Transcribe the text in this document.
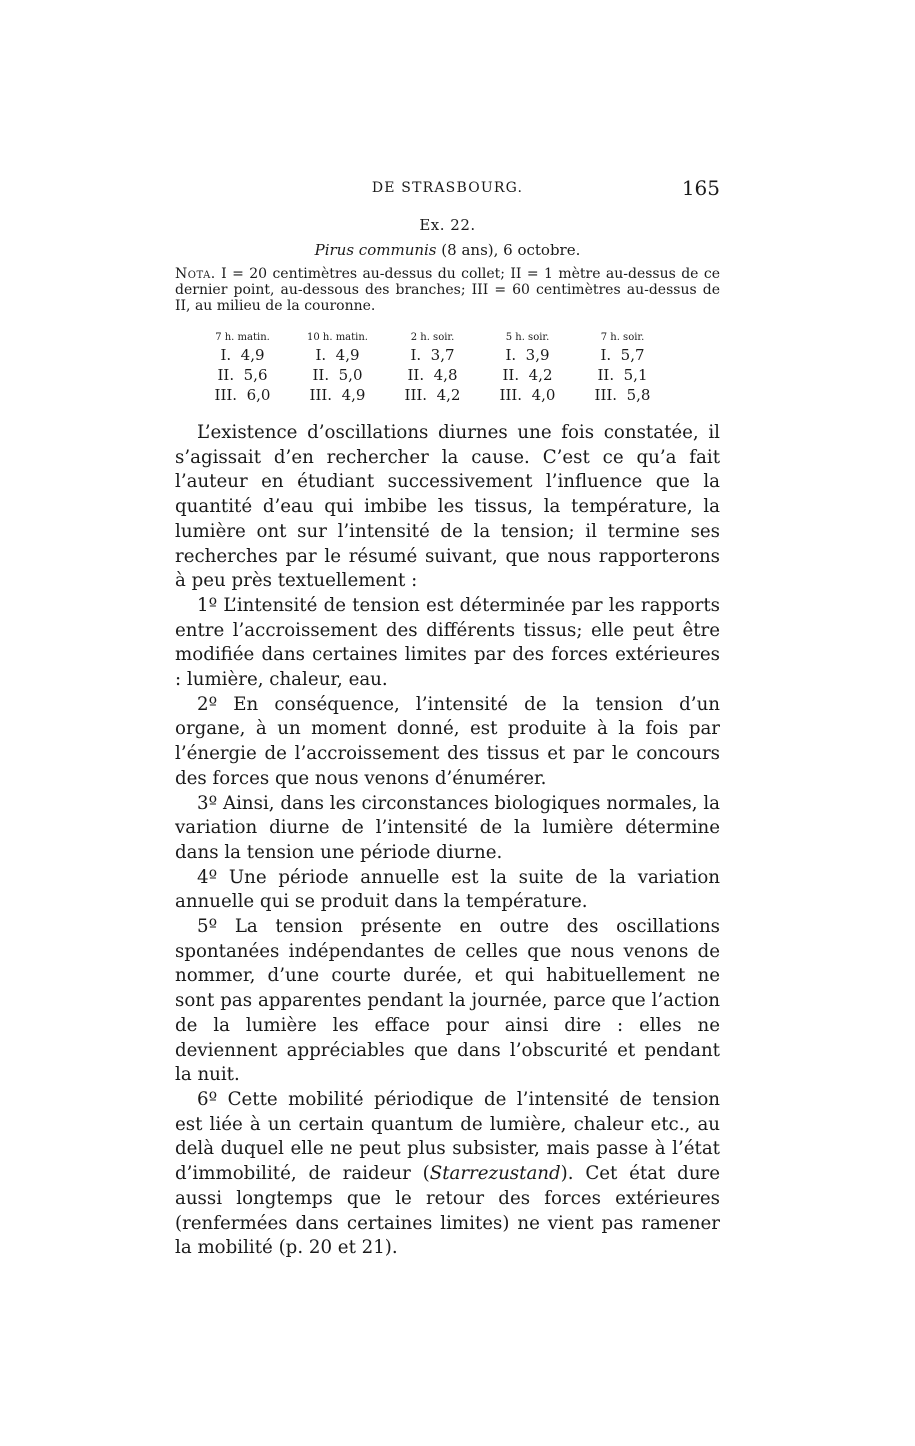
DE STRASBOURG.	165
Ex. 22.
Pirus communis (8 ans), 6 octobre.
Nota. I = 20 centimètres au-dessus du collet; II = 1 mètre au-dessus de ce dernier point, au-dessous des branches; III = 60 centimètres au-dessus de II, au milieu de la couronne.
7 h. matin.	10 h. matin.	2 h. soir.	5 h. soir.	7 h. soir.
I.  4,9	I.  4,9	I.  3,7	I.  3,9	I.  5,7
II.  5,6	II.  5,0	II.  4,8	II.  4,2	II.  5,1
III.  6,0	III.  4,9	III.  4,2	III.  4,0	III.  5,8

L’existence d’oscillations diurnes une fois constatée, il s’agissait d’en rechercher la cause. C’est ce qu’a fait l’auteur en étudiant successivement l’influence que la quantité d’eau qui imbibe les tissus, la température, la lumière ont sur l’intensité de la tension; il termine ses recherches par le résumé suivant, que nous rapporterons à peu près textuellement :

1º L’intensité de tension est déterminée par les rapports entre l’accroissement des différents tissus; elle peut être modifiée dans certaines limites par des forces extérieures : lumière, chaleur, eau.

2º En conséquence, l’intensité de la tension d’un organe, à un moment donné, est produite à la fois par l’énergie de l’accroissement des tissus et par le concours des forces que nous venons d’énumérer.

3º Ainsi, dans les circonstances biologiques normales, la variation diurne de l’intensité de la lumière détermine dans la tension une période diurne.

4º Une période annuelle est la suite de la variation annuelle qui se produit dans la température.

5º La tension présente en outre des oscillations spontanées indépendantes de celles que nous venons de nommer, d’une courte durée, et qui habituellement ne sont pas apparentes pendant la journée, parce que l’action de la lumière les efface pour ainsi dire : elles ne deviennent appréciables que dans l’obscurité et pendant la nuit.

6º Cette mobilité périodique de l’intensité de tension est liée à un certain quantum de lumière, chaleur etc., au delà duquel elle ne peut plus subsister, mais passe à l’état d’immobilité, de raideur (Starrezustand). Cet état dure aussi longtemps que le retour des forces extérieures (renfermées dans certaines limites) ne vient pas ramener la mobilité (p. 20 et 21).
